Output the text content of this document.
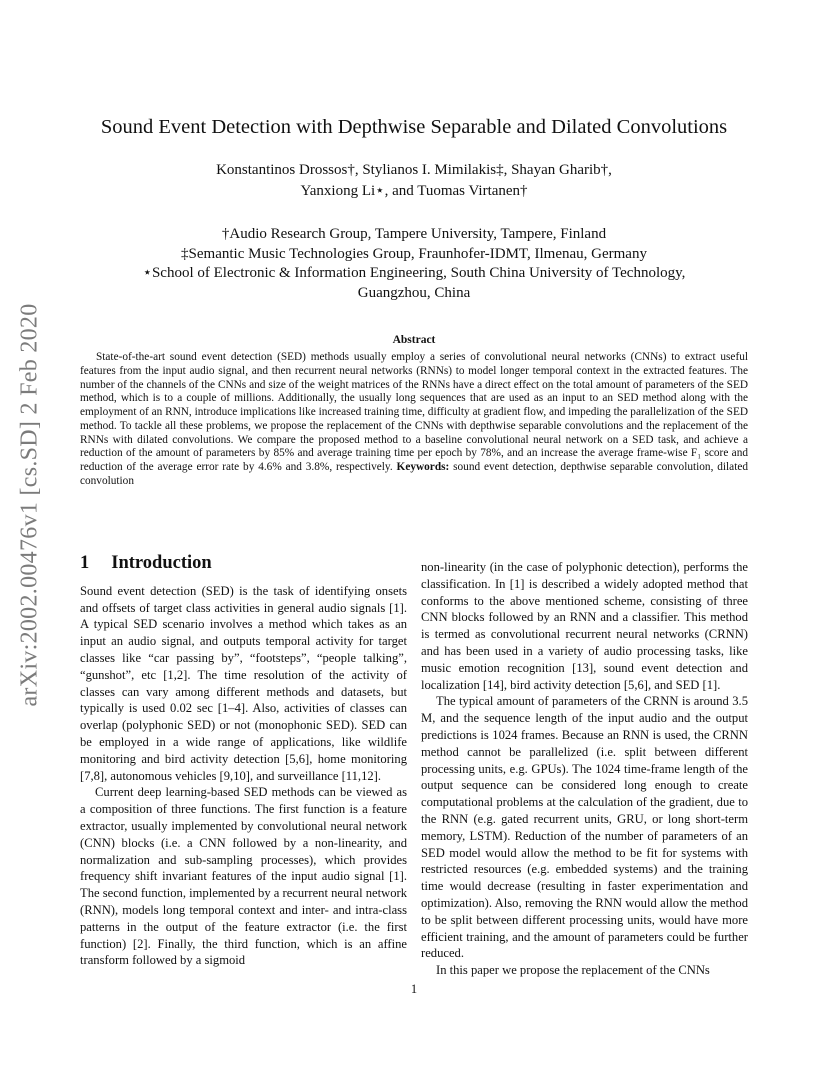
arXiv:2002.00476v1 [cs.SD] 2 Feb 2020
Sound Event Detection with Depthwise Separable and Dilated Convolutions
Konstantinos Drossos†, Stylianos I. Mimilakis‡, Shayan Gharib†,
Yanxiong Li⋆, and Tuomas Virtanen†
†Audio Research Group, Tampere University, Tampere, Finland
‡Semantic Music Technologies Group, Fraunhofer-IDMT, Ilmenau, Germany
⋆School of Electronic & Information Engineering, South China University of Technology,
Guangzhou, China
Abstract
State-of-the-art sound event detection (SED) methods usually employ a series of convolutional neural networks (CNNs) to extract useful features from the input audio signal, and then recurrent neural networks (RNNs) to model longer temporal context in the extracted features. The number of the channels of the CNNs and size of the weight matrices of the RNNs have a direct effect on the total amount of parameters of the SED method, which is to a couple of millions. Additionally, the usually long sequences that are used as an input to an SED method along with the employment of an RNN, introduce implications like increased training time, difficulty at gradient flow, and impeding the parallelization of the SED method. To tackle all these problems, we propose the replacement of the CNNs with depthwise separable convolutions and the replacement of the RNNs with dilated convolutions. We compare the proposed method to a baseline convolutional neural network on a SED task, and achieve a reduction of the amount of parameters by 85% and average training time per epoch by 78%, and an increase the average frame-wise F₁ score and reduction of the average error rate by 4.6% and 3.8%, respectively. Keywords: sound event detection, depthwise separable convolution, dilated convolution
1 Introduction

Sound event detection (SED) is the task of identifying onsets and offsets of target class activities in general audio signals [1]. A typical SED scenario involves a method which takes as an input an audio signal, and outputs temporal activity for target classes like “car passing by”, “footsteps”, “people talking”, “gunshot”, etc [1,2]. The time resolution of the activity of classes can vary among different methods and datasets, but typically is used 0.02 sec [1–4]. Also, activities of classes can overlap (polyphonic SED) or not (monophonic SED). SED can be employed in a wide range of applications, like wildlife monitoring and bird activity detection [5,6], home monitoring [7,8], autonomous vehicles [9,10], and surveillance [11,12].

Current deep learning-based SED methods can be viewed as a composition of three functions. The first function is a feature extractor, usually implemented by convolutional neural network (CNN) blocks (i.e. a CNN followed by a non-linearity, and normalization and sub-sampling processes), which provides frequency shift invariant features of the input audio signal [1]. The second function, implemented by a recurrent neural network (RNN), models long temporal context and inter- and intra-class patterns in the output of the feature extractor (i.e. the first function) [2]. Finally, the third function, which is an affine transform followed by a sigmoid

non-linearity (in the case of polyphonic detection), performs the classification. In [1] is described a widely adopted method that conforms to the above mentioned scheme, consisting of three CNN blocks followed by an RNN and a classifier. This method is termed as convolutional recurrent neural networks (CRNN) and has been used in a variety of audio processing tasks, like music emotion recognition [13], sound event detection and localization [14], bird activity detection [5,6], and SED [1].

The typical amount of parameters of the CRNN is around 3.5 M, and the sequence length of the input audio and the output predictions is 1024 frames. Because an RNN is used, the CRNN method cannot be parallelized (i.e. split between different processing units, e.g. GPUs). The 1024 time-frame length of the output sequence can be considered long enough to create computational problems at the calculation of the gradient, due to the RNN (e.g. gated recurrent units, GRU, or long short-term memory, LSTM). Reduction of the number of parameters of an SED model would allow the method to be fit for systems with restricted resources (e.g. embedded systems) and the training time would decrease (resulting in faster experimentation and optimization). Also, removing the RNN would allow the method to be split between different processing units, would have more efficient training, and the amount of parameters could be further reduced.

In this paper we propose the replacement of the CNNs

1
